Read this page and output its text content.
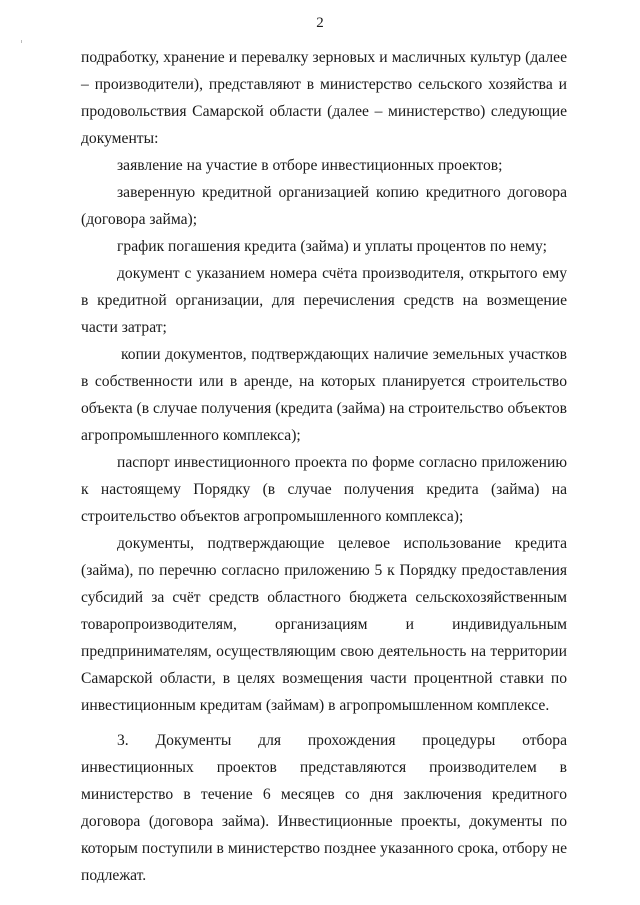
2

подработку, хранение и перевалку зерновых и масличных культур (далее – производители), представляют в министерство сельского хозяйства и продовольствия Самарской области (далее – министерство) следующие документы:

заявление на участие в отборе инвестиционных проектов;

заверенную кредитной организацией копию кредитного договора (договора займа);

график погашения кредита (займа) и уплаты процентов по нему;

документ с указанием номера счёта производителя, открытого ему в кредитной организации, для перечисления средств на возмещение части затрат;

копии документов, подтверждающих наличие земельных участков в собственности или в аренде, на которых планируется строительство объекта (в случае получения (кредита (займа) на строительство объектов агропромышленного комплекса);

паспорт инвестиционного проекта по форме согласно приложению к настоящему Порядку (в случае получения кредита (займа) на строительство объектов агропромышленного комплекса);

документы, подтверждающие целевое использование кредита (займа), по перечню согласно приложению 5 к Порядку предоставления субсидий за счёт средств областного бюджета сельскохозяйственным товаропроизводителям, организациям и индивидуальным предпринимателям, осуществляющим свою деятельность на территории Самарской области, в целях возмещения части процентной ставки по инвестиционным кредитам (займам) в агропромышленном комплексе.

3. Документы для прохождения процедуры отбора инвестиционных проектов представляются производителем в министерство в течение 6 месяцев со дня заключения кредитного договора (договора займа). Инвестиционные проекты, документы по которым поступили в министерство позднее указанного срока, отбору не подлежат.
